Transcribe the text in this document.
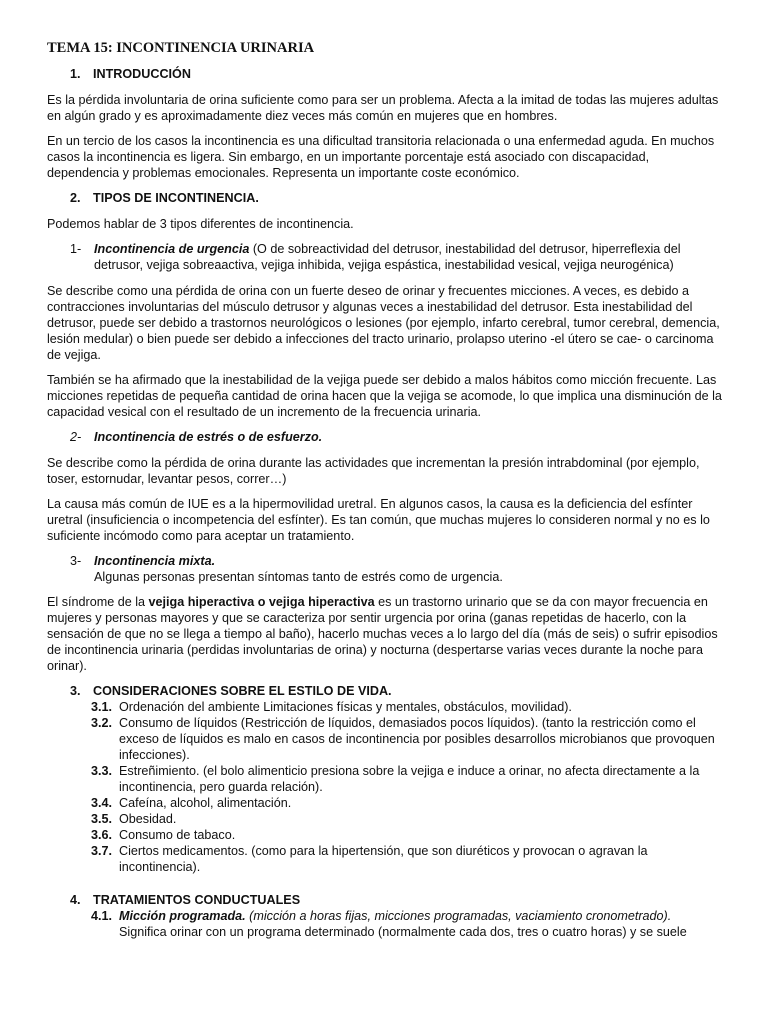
TEMA 15: INCONTINENCIA URINARIA
1. INTRODUCCIÓN

Es la pérdida involuntaria de orina suficiente como para ser un problema. Afecta a la imitad de todas las mujeres adultas en algún grado y es aproximadamente diez veces más común en mujeres que en hombres.

En un tercio de los casos la incontinencia es una dificultad transitoria relacionada o una enfermedad aguda. En muchos casos la incontinencia es ligera. Sin embargo, en un importante porcentaje está asociado con discapacidad, dependencia y problemas emocionales. Representa un importante coste económico.

2. TIPOS DE INCONTINENCIA.

Podemos hablar de 3 tipos diferentes de incontinencia.

1-	Incontinencia de urgencia (O de sobreactividad del detrusor, inestabilidad del detrusor, hiperreflexia del detrusor, vejiga sobreaactiva, vejiga inhibida, vejiga espástica, inestabilidad vesical, vejiga neurogénica)

Se describe como una pérdida de orina con un fuerte deseo de orinar y frecuentes micciones. A veces, es debido a contracciones involuntarias del músculo detrusor y algunas veces a inestabilidad del detrusor. Esta inestabilidad del detrusor, puede ser debido a trastornos neurológicos o lesiones (por ejemplo, infarto cerebral, tumor cerebral, demencia, lesión medular) o bien puede ser debido a infecciones del tracto urinario, prolapso uterino -el útero se cae- o carcinoma de vejiga.

También se ha afirmado que la inestabilidad de la vejiga puede ser debido a malos hábitos como micción frecuente. Las micciones repetidas de pequeña cantidad de orina hacen que la vejiga se acomode, lo que implica una disminución de la capacidad vesical con el resultado de un incremento de la frecuencia urinaria.

2-	Incontinencia de estrés o de esfuerzo.

Se describe como la pérdida de orina durante las actividades que incrementan la presión intrabdominal (por ejemplo, toser, estornudar, levantar pesos, correr…)

La causa más común de IUE es a la hipermovilidad uretral. En algunos casos, la causa es la deficiencia del esfínter uretral (insuficiencia o incompetencia del esfínter). Es tan común, que muchas mujeres lo consideren normal y no es lo suficiente incómodo como para aceptar un tratamiento.

3-	Incontinencia mixta.

Algunas personas presentan síntomas tanto de estrés como de urgencia.

El síndrome de la vejiga hiperactiva o vejiga hiperactiva es un trastorno urinario que se da con mayor frecuencia en mujeres y personas mayores y que se caracteriza por sentir urgencia por orina (ganas repetidas de hacerlo, con la sensación de que no se llega a tiempo al baño), hacerlo muchas veces a lo largo del día (más de seis) o sufrir episodios de incontinencia urinaria (perdidas involuntarias de orina) y nocturna (despertarse varias veces durante la noche para orinar).

3. CONSIDERACIONES SOBRE EL ESTILO DE VIDA.
3.1. Ordenación del ambiente Limitaciones físicas y mentales, obstáculos, movilidad).
3.2. Consumo de líquidos (Restricción de líquidos, demasiados pocos líquidos). (tanto la restricción como el exceso de líquidos es malo en casos de incontinencia por posibles desarrollos microbianos que provoquen infecciones).
3.3. Estreñimiento. (el bolo alimenticio presiona sobre la vejiga e induce a orinar, no afecta directamente a la incontinencia, pero guarda relación).
3.4. Cafeína, alcohol, alimentación.
3.5. Obesidad.
3.6. Consumo de tabaco.
3.7. Ciertos medicamentos. (como para la hipertensión, que son diuréticos y provocan o agravan la incontinencia).
4. TRATAMIENTOS CONDUCTUALES
4.1. Micción programada. (micción a horas fijas, micciones programadas, vaciamiento cronometrado).
Significa orinar con un programa determinado (normalmente cada dos, tres o cuatro horas) y se suele
